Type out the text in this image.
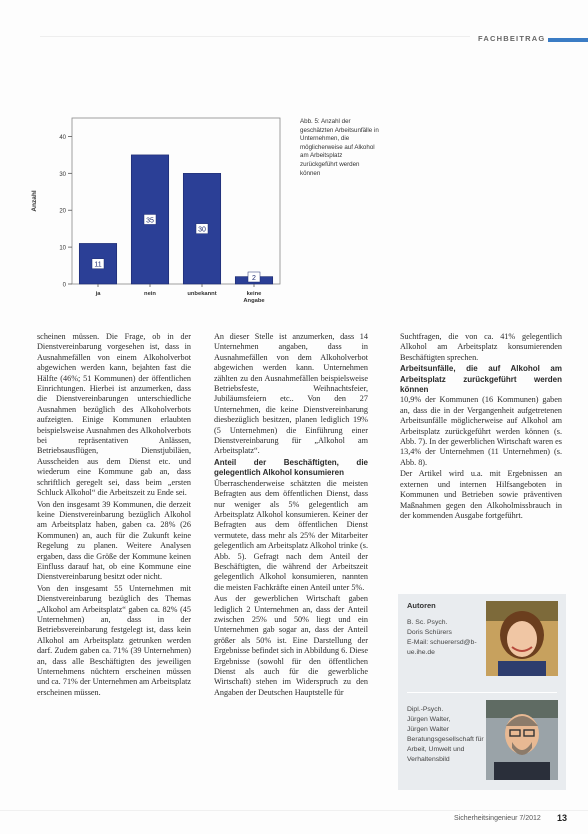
FACHBEITRAG
0
10
20
30
40
Anzahl
11
ja
35
nein
30
unbekannt
2
keine
Angabe
Abb. 5: Anzahl der geschätzten Arbeitsunfälle in Unternehmen, die möglicherweise auf Alkohol am Arbeitsplatz zurückgeführt werden können

scheinen müssen. Die Frage, ob in der Dienstvereinbarung vorgesehen ist, dass in Ausnahmefällen von einem Alkoholverbot abgewichen werden kann, bejahten fast die Hälfte (46%; 51 Kommunen) der öffentlichen Einrichtungen. Hierbei ist anzumerken, dass die Dienstvereinbarungen unterschiedliche Ausnahmen bezüglich des Alkoholverbots aufzeigten. Einige Kommunen erlaubten beispielsweise Ausnahmen des Alkoholverbots bei repräsentativen Anlässen, Betriebsausflügen, Dienstjubiläen, Ausscheiden aus dem Dienst etc. und wiederum eine Kommune gab an, dass schriftlich geregelt sei, dass beim „ersten Schluck Alkohol“ die Arbeitszeit zu Ende sei.

Von den insgesamt 39 Kommunen, die derzeit keine Dienstvereinbarung bezüglich Alkohol am Arbeitsplatz haben, gaben ca. 28% (26 Kommunen) an, auch für die Zukunft keine Regelung zu planen. Weitere Analysen ergaben, dass die Größe der Kommune keinen Einfluss darauf hat, ob eine Kommune eine Dienstvereinbarung besitzt oder nicht.

Von den insgesamt 55 Unternehmen mit Dienstvereinbarung bezüglich des Themas „Alkohol am Arbeitsplatz“ gaben ca. 82% (45 Unternehmen) an, dass in der Betriebsvereinbarung festgelegt ist, dass kein Alkohol am Arbeitsplatz getrunken werden darf. Zudem gaben ca. 71% (39 Unternehmen) an, dass alle Beschäftigten des jeweiligen Unternehmens nüchtern erscheinen müssen und ca. 71% der Unternehmen am Arbeitsplatz erscheinen müssen.

An dieser Stelle ist anzumerken, dass 14 Unternehmen angaben, dass in Ausnahmefällen von dem Alkoholverbot abgewichen werden kann. Unternehmen zählten zu den Ausnahmefällen beispielsweise Betriebsfeste, Weihnachtsfeier, Jubiläumsfeiern etc.. Von den 27 Unternehmen, die keine Dienstvereinbarung diesbezüglich besitzen, planen lediglich 19% (5 Unternehmen) die Einführung einer Dienstvereinbarung für „Alkohol am Arbeitsplatz“.

Anteil der Beschäftigten, die gelegentlich Alkohol konsumieren

Überraschenderweise schätzten die meisten Befragten aus dem öffentlichen Dienst, dass nur weniger als 5% gelegentlich am Arbeitsplatz Alkohol konsumieren. Keiner der Befragten aus dem öffentlichen Dienst vermutete, dass mehr als 25% der Mitarbeiter gelegentlich am Arbeitsplatz Alkohol trinke (s. Abb. 5). Gefragt nach dem Anteil der Beschäftigten, die während der Arbeitszeit gelegentlich Alkohol konsumieren, nannten die meisten Fachkräfte einen Anteil unter 5%.

Aus der gewerblichen Wirtschaft gaben lediglich 2 Unternehmen an, dass der Anteil zwischen 25% und 50% liegt und ein Unternehmen gab sogar an, dass der Anteil größer als 50% ist. Eine Darstellung der Ergebnisse befindet sich in Abbildung 6. Diese Ergebnisse (sowohl für den öffentlichen Dienst als auch für die gewerbliche Wirtschaft) stehen im Widerspruch zu den Angaben der Deutschen Hauptstelle für

Suchtfragen, die von ca. 41% gelegentlich Alkohol am Arbeitsplatz konsumierenden Beschäftigten sprechen.

Arbeitsunfälle, die auf Alkohol am Arbeitsplatz zurückgeführt werden können

10,9% der Kommunen (16 Kommunen) gaben an, dass die in der Vergangenheit aufgetretenen Arbeitsunfälle möglicherweise auf Alkohol am Arbeitsplatz zurückgeführt werden können (s. Abb. 7). In der gewerblichen Wirtschaft waren es 13,4% der Unternehmen (11 Unternehmen) (s. Abb. 8).

Der Artikel wird u.a. mit Ergebnissen an externen und internen Hilfsangeboten in Kommunen und Betrieben sowie präventiven Maßnahmen gegen den Alkoholmissbrauch in der kommenden Ausgabe fortgeführt.

Autoren
B. Sc. Psych.
Doris Schürers
E-Mail: schuerersd@b-ue.ihe.de
Dipl.-Psych.
Jürgen Walter,
Jürgen Walter Beratungsgesellschaft für Arbeit, Umwelt und Verhaltensbild
Sicherheitsingenieur 7/2012 13
